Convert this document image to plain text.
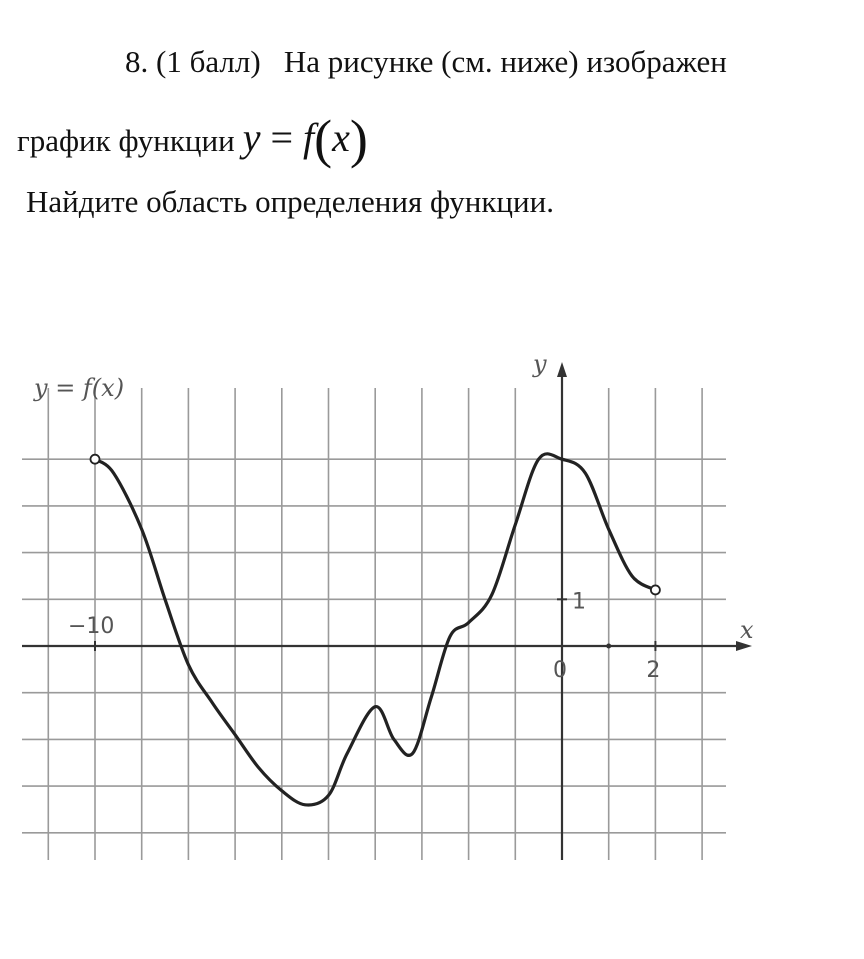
8. (1 балл) На рисунке (см. ниже) изображен
график функции y = f(x)
Найдите область определения функции.
y = f(x)
x
y
−10
0	2
1
